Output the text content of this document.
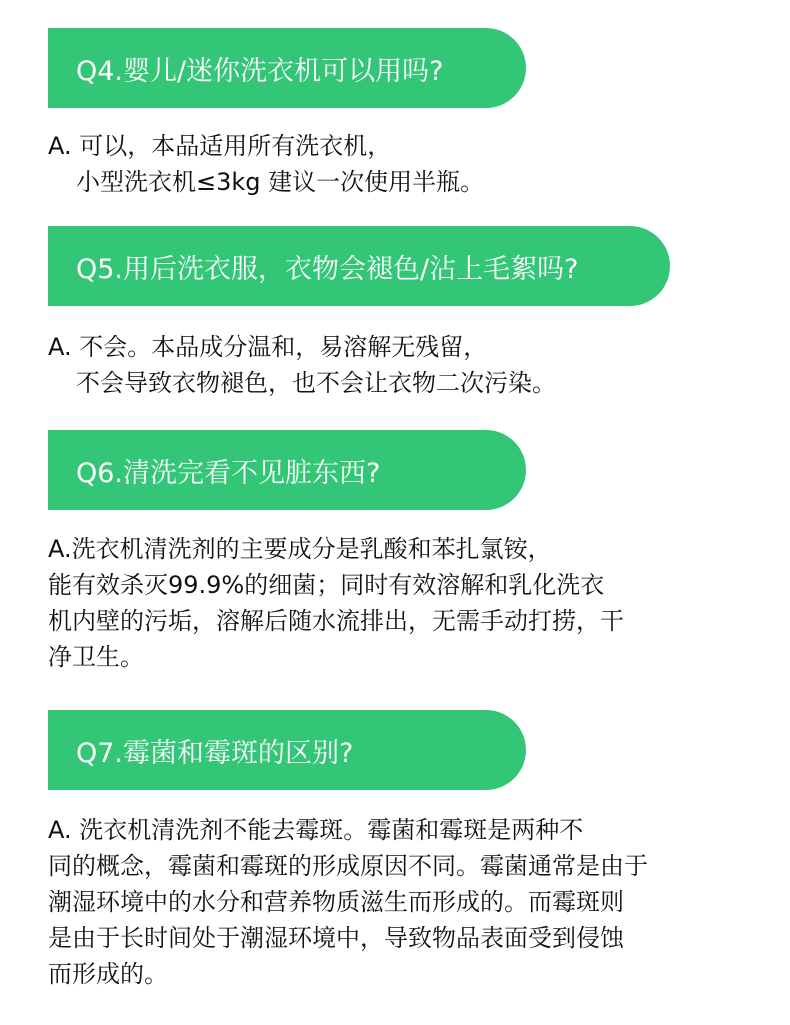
Q4.婴儿/迷你洗衣机可以用吗?
A. 可以，本品适用所有洗衣机，
小型洗衣机≤3kg 建议一次使用半瓶。
Q5.用后洗衣服，衣物会褪色/沾上毛絮吗?
A. 不会。本品成分温和，易溶解无残留，
不会导致衣物褪色，也不会让衣物二次污染。
Q6.清洗完看不见脏东西?
A.洗衣机清洗剂的主要成分是乳酸和苯扎氯铵，
能有效杀灭99.9%的细菌；同时有效溶解和乳化洗衣
机内壁的污垢，溶解后随水流排出，无需手动打捞，干
净卫生。
Q7.霉菌和霉斑的区别?
A. 洗衣机清洗剂不能去霉斑。霉菌和霉斑是两种不
同的概念，霉菌和霉斑的形成原因不同。霉菌通常是由于
潮湿环境中的水分和营养物质滋生而形成的。而霉斑则
是由于长时间处于潮湿环境中，导致物品表面受到侵蚀
而形成的。
